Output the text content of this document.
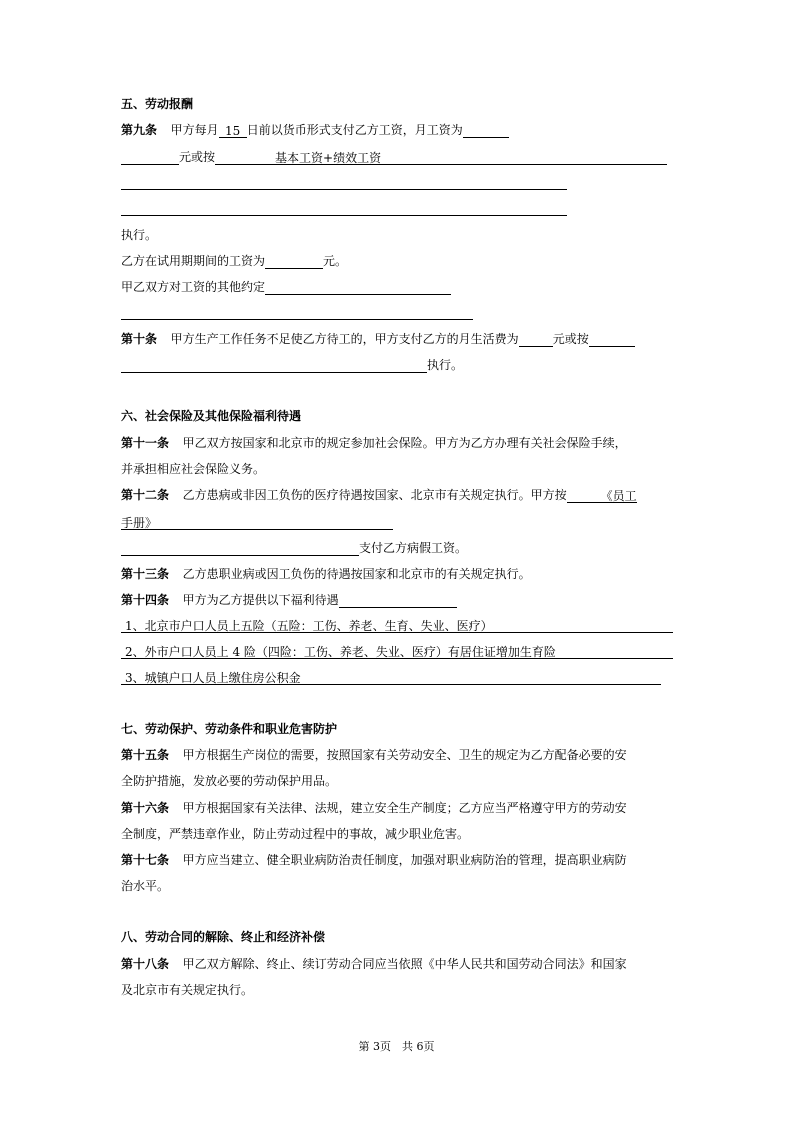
五、劳动报酬
第九条 甲方每月 15 日前以货币形式支付乙方工资，月工资为
元或按	基本工资+绩效工资
执行。
乙方在试用期期间的工资为	元。
甲乙双方对工资的其他约定
第十条 甲方生产工作任务不足使乙方待工的，甲方支付乙方的月生活费为	元或按
执行。
六、社会保险及其他保险福利待遇
第十一条 甲乙双方按国家和北京市的规定参加社会保险。甲方为乙方办理有关社会保险手续，
并承担相应社会保险义务。
第十二条 乙方患病或非因工负伤的医疗待遇按国家、北京市有关规定执行。甲方按	《员工
手册》
支付乙方病假工资。
第十三条 乙方患职业病或因工负伤的待遇按国家和北京市的有关规定执行。
第十四条 甲方为乙方提供以下福利待遇
1、北京市户口人员上五险（五险：工伤、养老、生育、失业、医疗）
2、外市户口人员上 4 险（四险：工伤、养老、失业、医疗）有居住证增加生育险
3、城镇户口人员上缴住房公积金
七、劳动保护、劳动条件和职业危害防护
第十五条 甲方根据生产岗位的需要，按照国家有关劳动安全、卫生的规定为乙方配备必要的安
全防护措施，发放必要的劳动保护用品。
第十六条 甲方根据国家有关法律、法规，建立安全生产制度；乙方应当严格遵守甲方的劳动安
全制度，严禁违章作业，防止劳动过程中的事故，减少职业危害。
第十七条 甲方应当建立、健全职业病防治责任制度，加强对职业病防治的管理，提高职业病防
治水平。
八、劳动合同的解除、终止和经济补偿
第十八条 甲乙双方解除、终止、续订劳动合同应当依照《中华人民共和国劳动合同法》和国家
及北京市有关规定执行。
第 3页　共 6页
